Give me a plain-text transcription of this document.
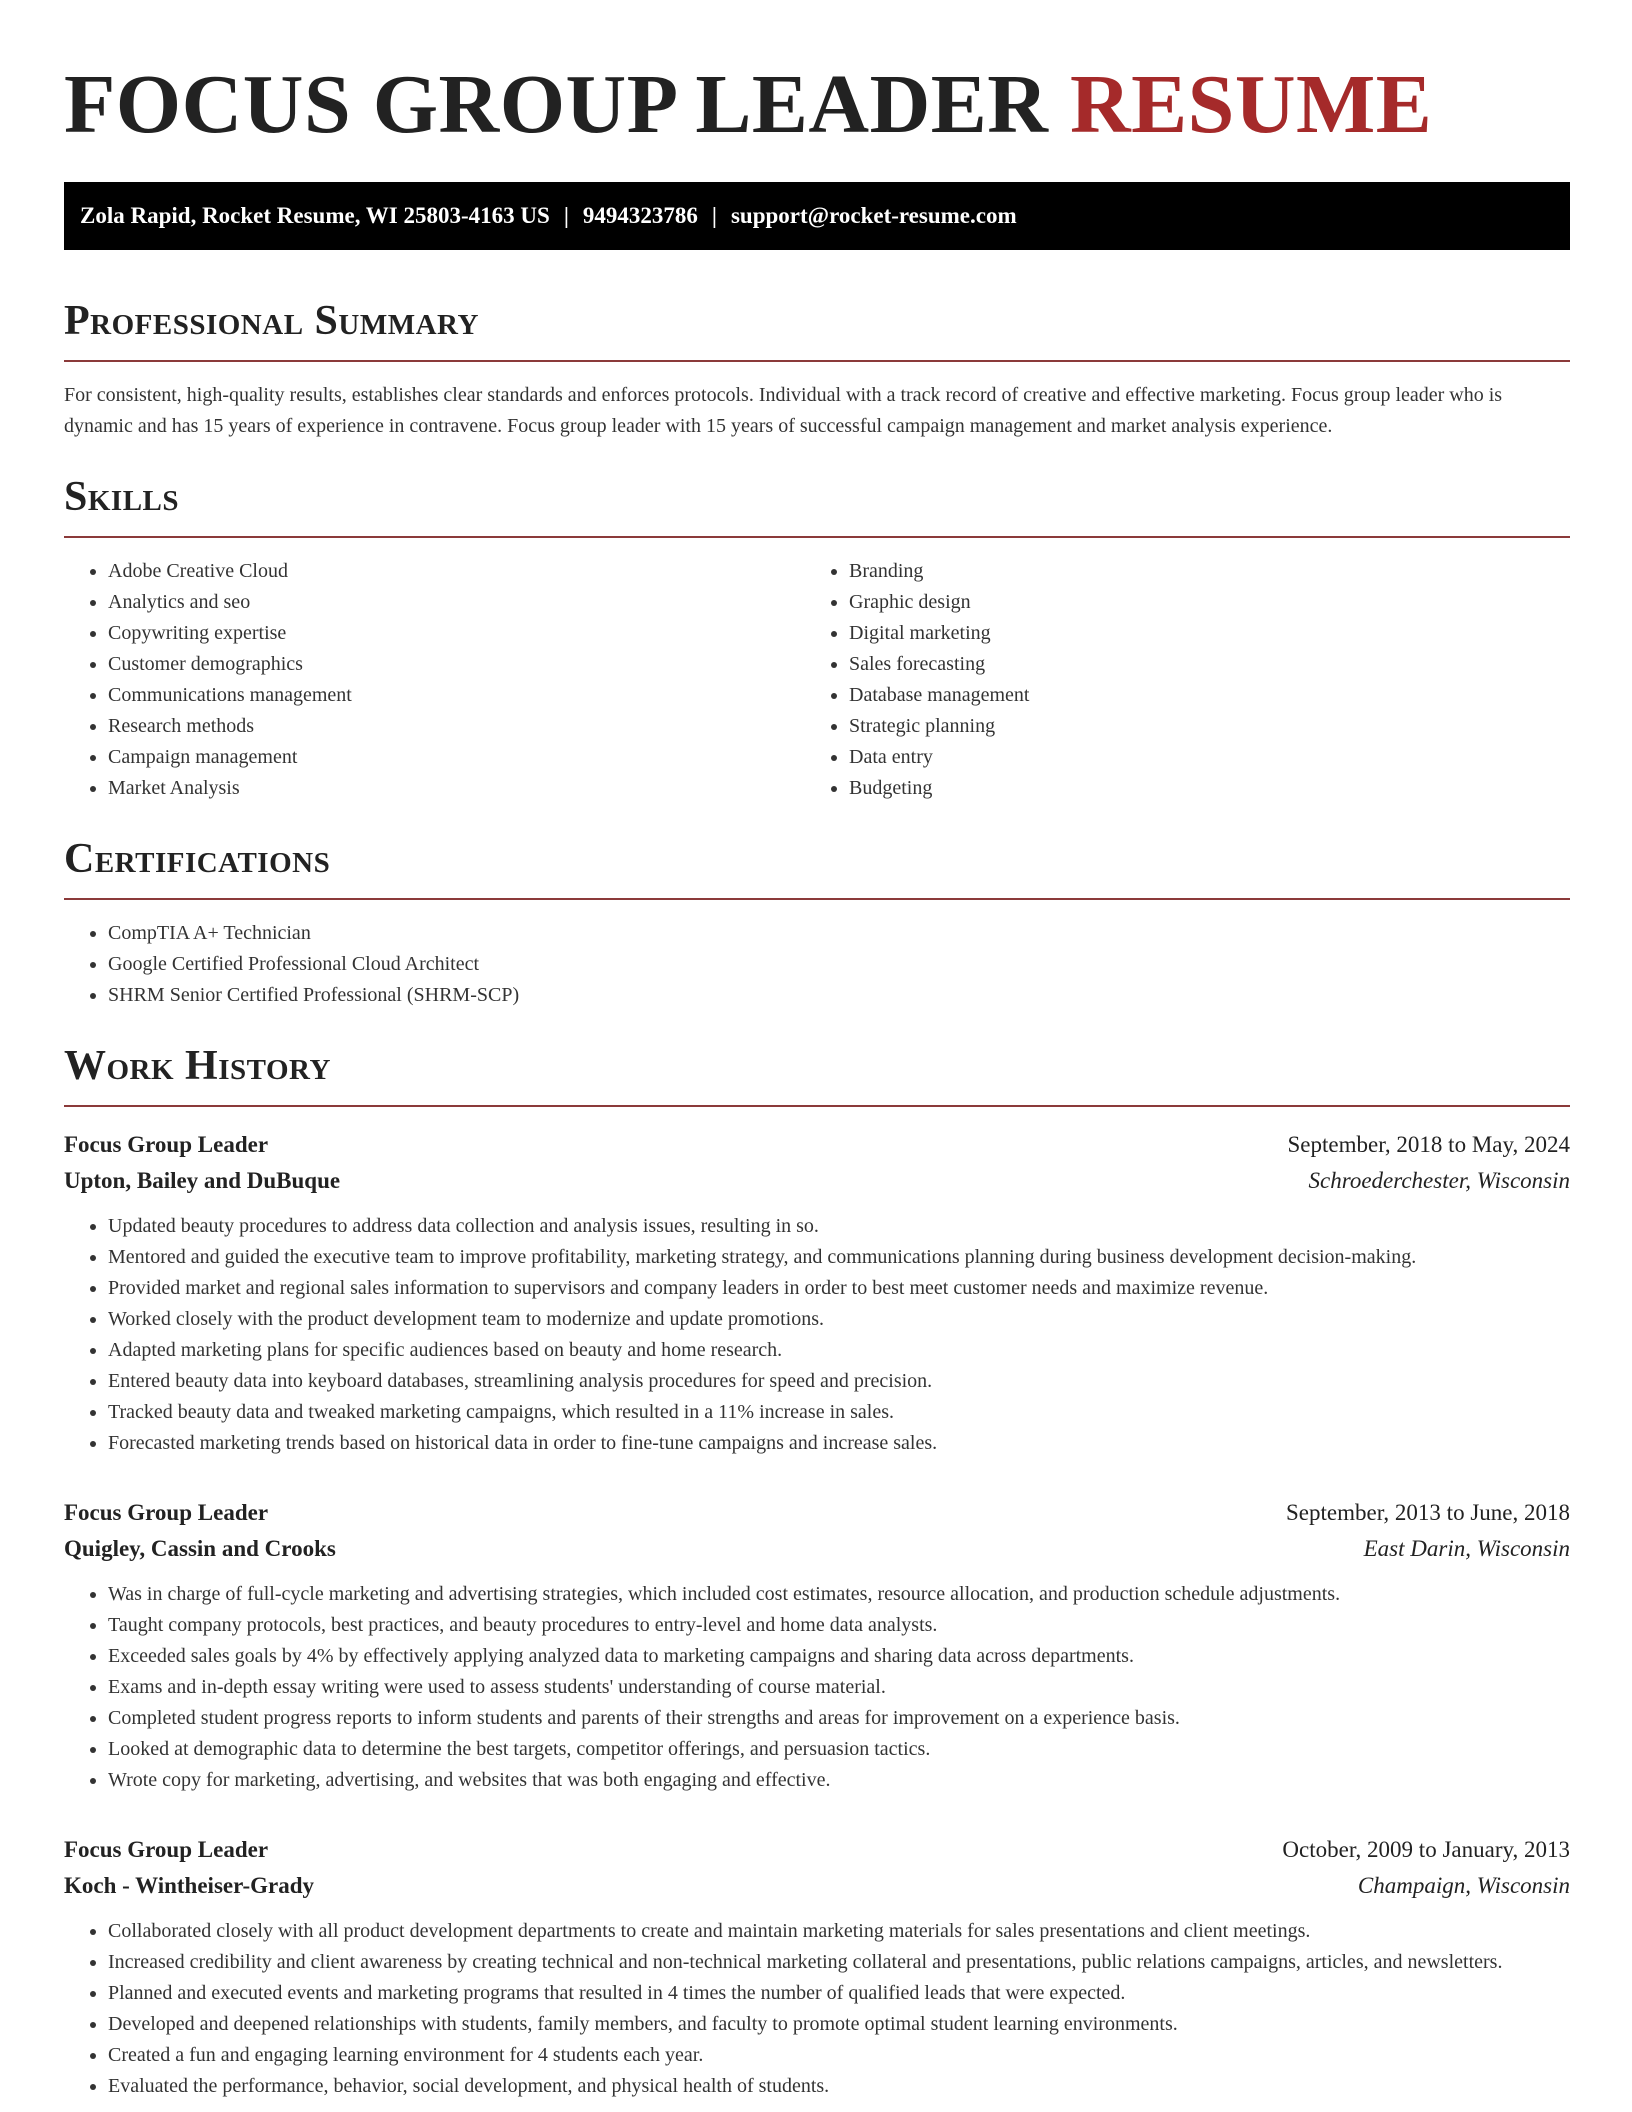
FOCUS GROUP LEADER RESUME
Zola Rapid, Rocket Resume, WI 25803-4163 US | 9494323786 | support@rocket-resume.com
Professional Summary

For consistent, high-quality results, establishes clear standards and enforces protocols. Individual with a track record of creative and effective marketing. Focus group leader who is dynamic and has 15 years of experience in contravene. Focus group leader with 15 years of successful campaign management and market analysis experience.

Skills
• Adobe Creative Cloud
• Analytics and seo
• Copywriting expertise
• Customer demographics
• Communications management
• Research methods
• Campaign management
• Market Analysis
• Branding
• Graphic design
• Digital marketing
• Sales forecasting
• Database management
• Strategic planning
• Data entry
• Budgeting
Certifications
• CompTIA A+ Technician
• Google Certified Professional Cloud Architect
• SHRM Senior Certified Professional (SHRM-SCP)
Work History
Focus Group Leader	September, 2018 to May, 2024
Upton, Bailey and DuBuque	Schroederchester, Wisconsin
• Updated beauty procedures to address data collection and analysis issues, resulting in so.
• Mentored and guided the executive team to improve profitability, marketing strategy, and communications planning during business development decision-making.
• Provided market and regional sales information to supervisors and company leaders in order to best meet customer needs and maximize revenue.
• Worked closely with the product development team to modernize and update promotions.
• Adapted marketing plans for specific audiences based on beauty and home research.
• Entered beauty data into keyboard databases, streamlining analysis procedures for speed and precision.
• Tracked beauty data and tweaked marketing campaigns, which resulted in a 11% increase in sales.
• Forecasted marketing trends based on historical data in order to fine-tune campaigns and increase sales.
Focus Group Leader	September, 2013 to June, 2018
Quigley, Cassin and Crooks	East Darin, Wisconsin
• Was in charge of full-cycle marketing and advertising strategies, which included cost estimates, resource allocation, and production schedule adjustments.
• Taught company protocols, best practices, and beauty procedures to entry-level and home data analysts.
• Exceeded sales goals by 4% by effectively applying analyzed data to marketing campaigns and sharing data across departments.
• Exams and in-depth essay writing were used to assess students' understanding of course material.
• Completed student progress reports to inform students and parents of their strengths and areas for improvement on a experience basis.
• Looked at demographic data to determine the best targets, competitor offerings, and persuasion tactics.
• Wrote copy for marketing, advertising, and websites that was both engaging and effective.
Focus Group Leader	October, 2009 to January, 2013
Koch - Wintheiser-Grady	Champaign, Wisconsin
• Collaborated closely with all product development departments to create and maintain marketing materials for sales presentations and client meetings.
• Increased credibility and client awareness by creating technical and non-technical marketing collateral and presentations, public relations campaigns, articles, and newsletters.
• Planned and executed events and marketing programs that resulted in 4 times the number of qualified leads that were expected.
• Developed and deepened relationships with students, family members, and faculty to promote optimal student learning environments.
• Created a fun and engaging learning environment for 4 students each year.
• Evaluated the performance, behavior, social development, and physical health of students.
